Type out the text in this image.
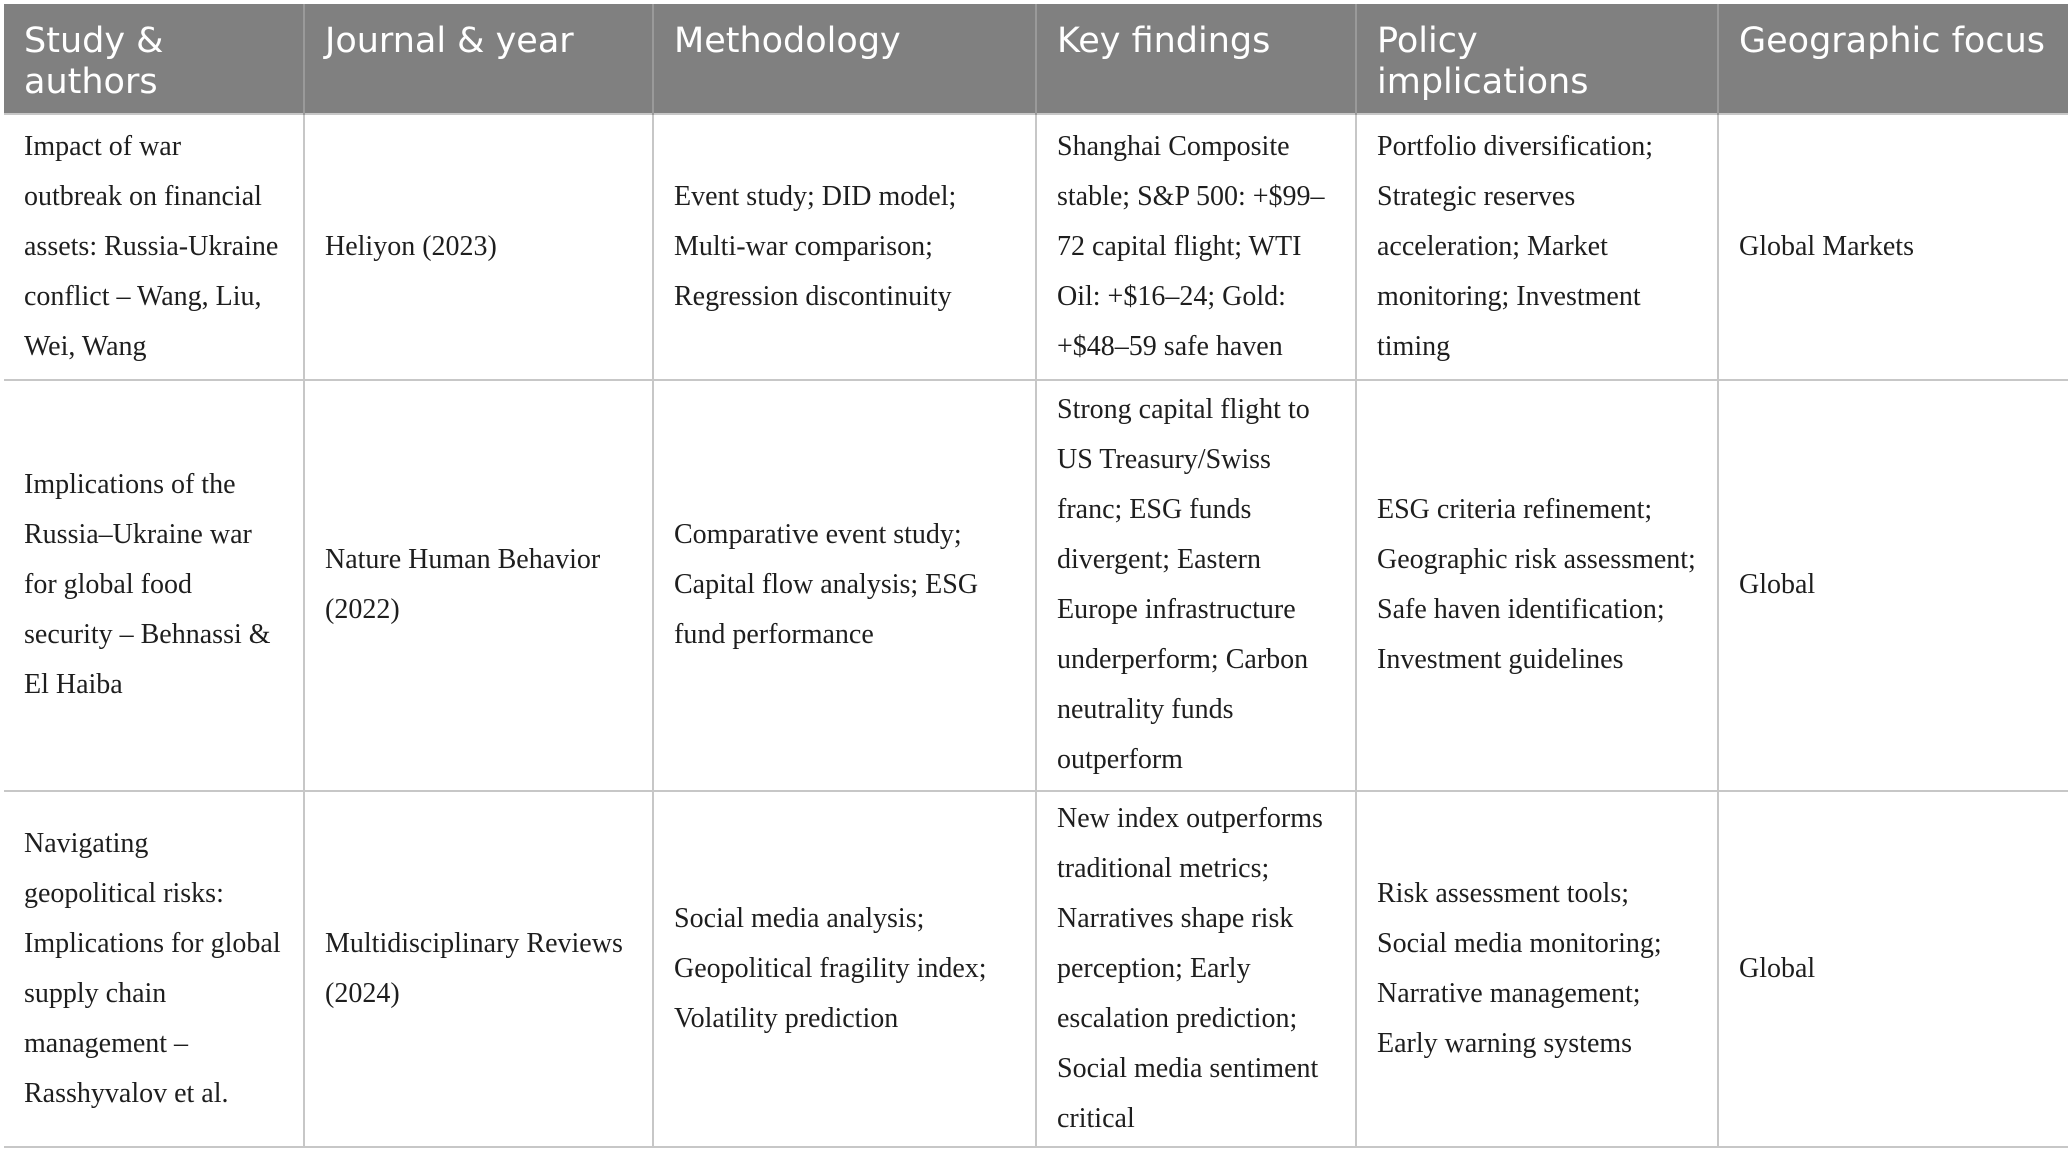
Study & authors	Journal & year	Methodology	Key findings	Policy implications	Geographic focus
Impact of war outbreak on financial assets: Russia-Ukraine conflict – Wang, Liu, Wei, Wang	Heliyon (2023)	Event study; DID model; Multi-war comparison; Regression discontinuity	Shanghai Composite stable; S&P 500: +$99–72 capital flight; WTI Oil: +$16–24; Gold: +$48–59 safe haven	Portfolio diversification; Strategic reserves acceleration; Market monitoring; Investment timing	Global Markets
Implications of the Russia–Ukraine war for global food security – Behnassi & El Haiba	Nature Human Behavior (2022)	Comparative event study; Capital flow analysis; ESG fund performance	Strong capital flight to US Treasury/Swiss franc; ESG funds divergent; Eastern Europe infrastructure underperform; Carbon neutrality funds outperform	ESG criteria refinement; Geographic risk assessment; Safe haven identification; Investment guidelines	Global
Navigating geopolitical risks: Implications for global supply chain management – Rasshyvalov et al.	Multidisciplinary Reviews (2024)	Social media analysis; Geopolitical fragility index; Volatility prediction	New index outperforms traditional metrics; Narratives shape risk perception; Early escalation prediction; Social media sentiment critical	Risk assessment tools; Social media monitoring; Narrative management; Early warning systems	Global
